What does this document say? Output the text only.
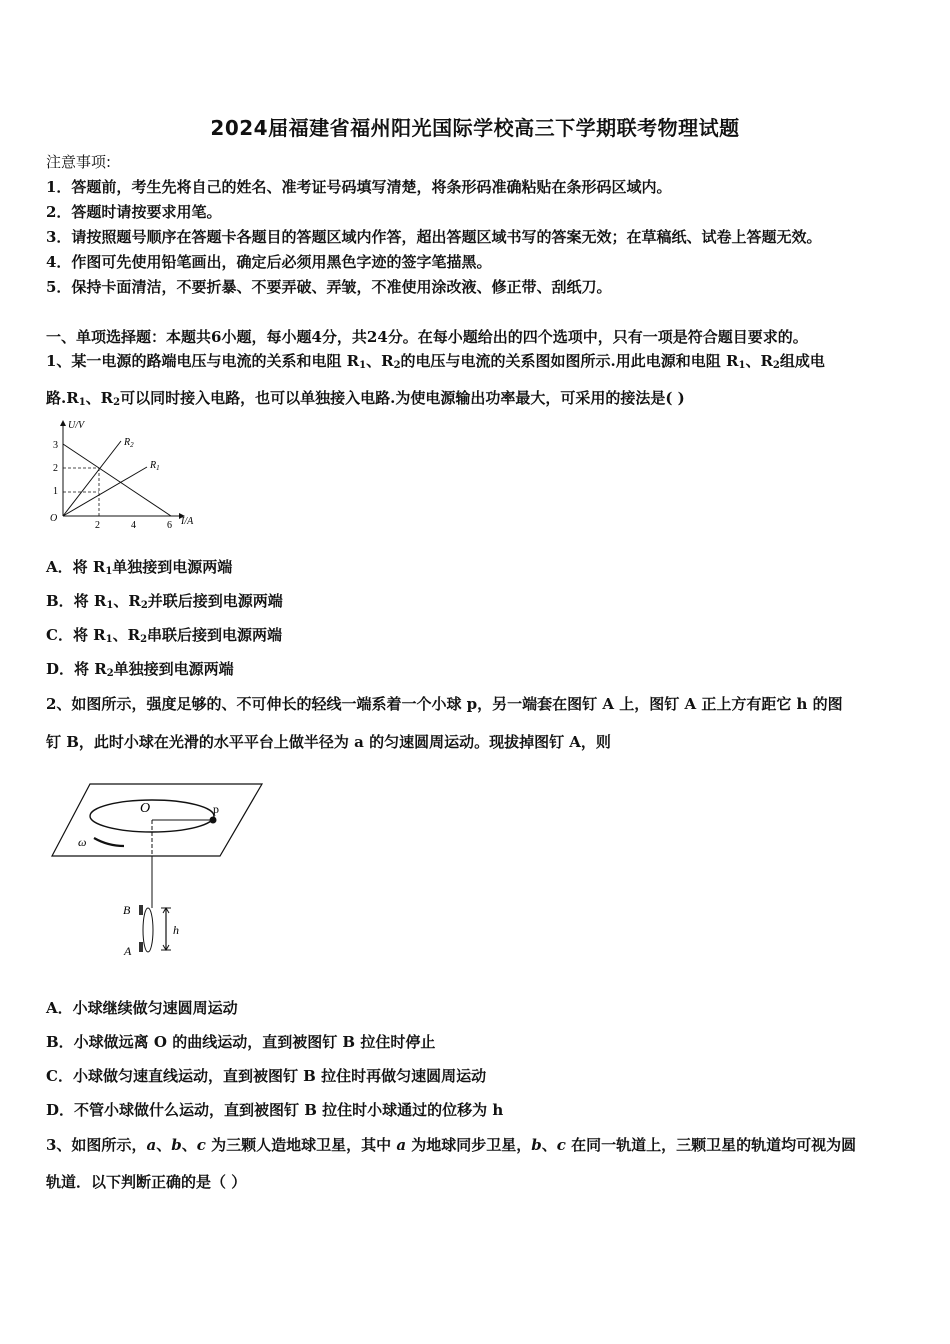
2024届福建省福州阳光国际学校高三下学期联考物理试题
注意事项:
1．答题前，考生先将自己的姓名、准考证号码填写清楚，将条形码准确粘贴在条形码区域内。
2．答题时请按要求用笔。
3．请按照题号顺序在答题卡各题目的答题区域内作答，超出答题区域书写的答案无效；在草稿纸、试卷上答题无效。
4．作图可先使用铅笔画出，确定后必须用黑色字迹的签字笔描黑。
5．保持卡面清洁，不要折暴、不要弄破、弄皱，不准使用涂改液、修正带、刮纸刀。
一、单项选择题：本题共6小题，每小题4分，共24分。在每小题给出的四个选项中，只有一项是符合题目要求的。
1、某一电源的路端电压与电流的关系和电阻 $R_1$、$R_2$的电压与电流的关系图如图所示.用此电源和电阻 $R_1$、$R_2$组成电
路$.R_1$、$R_2$可以同时接入电路，也可以单独接入电路.为使电源输出功率最大，可采用的接法是( )
U/V
I/A
O
3
2
1
2	4	6
$R_2$
$R_1$
A．将 $R_1$单独接到电源两端
B．将 $R_1$、$R_2$并联后接到电源两端
C．将 $R_1$、$R_2$串联后接到电源两端
D．将 $R_2$单独接到电源两端
2、如图所示，强度足够的、不可伸长的轻线一端系着一个小球 p，另一端套在图钉 A 上，图钉 A 正上方有距它 h 的图
钉 B，此时小球在光滑的水平平台上做半径为 a 的匀速圆周运动。现拔掉图钉 A，则
O	p
ω
B
A
h
A．小球继续做匀速圆周运动
B．小球做远离 O 的曲线运动，直到被图钉 B 拉住时停止
C．小球做匀速直线运动，直到被图钉 B 拉住时再做匀速圆周运动
D．不管小球做什么运动，直到被图钉 B 拉住时小球通过的位移为 h
3、如图所示，a、b、c 为三颗人造地球卫星，其中 a 为地球同步卫星，b、c 在同一轨道上，三颗卫星的轨道均可视为圆
轨道．以下判断正确的是（ ）
